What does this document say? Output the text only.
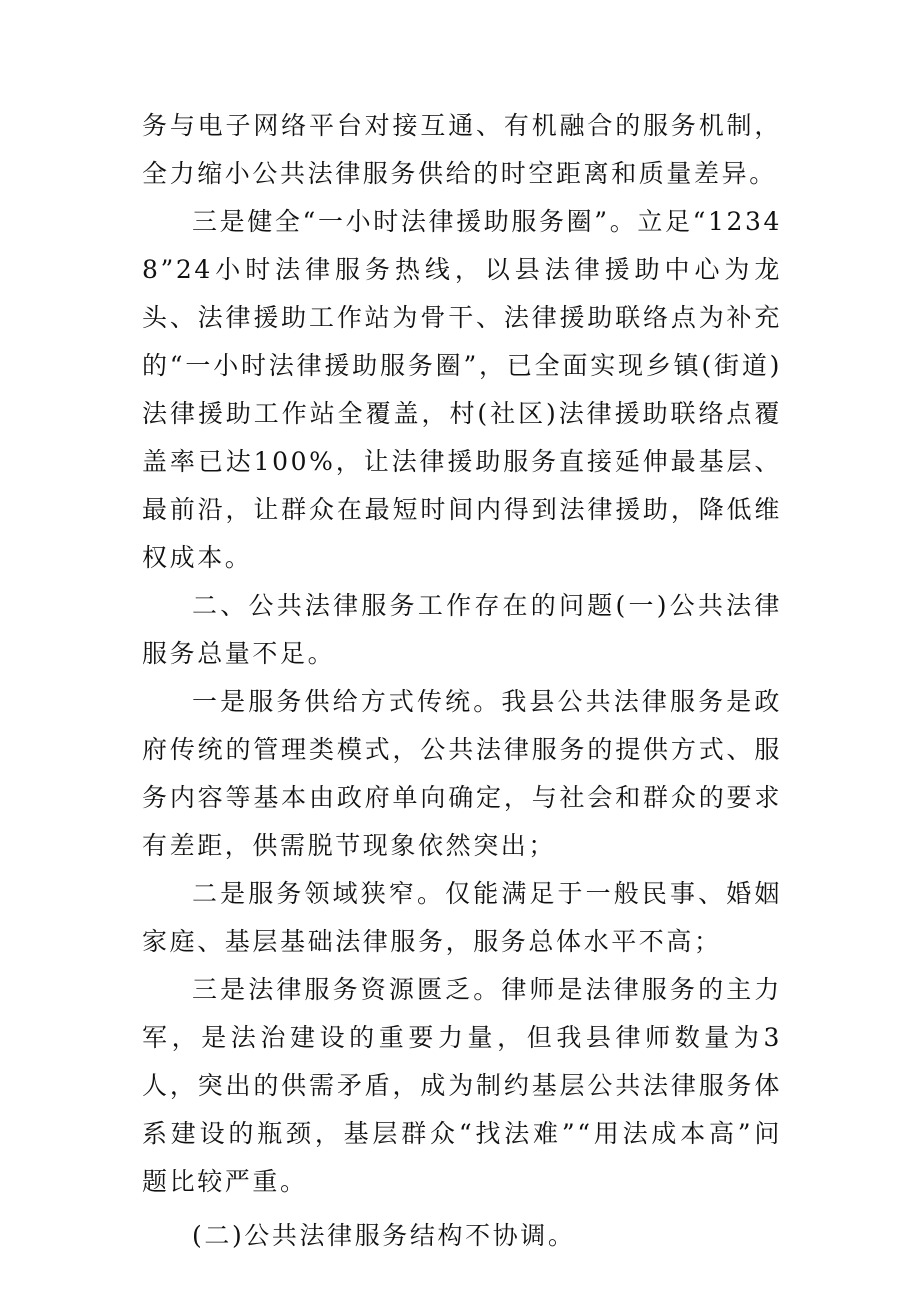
务与电子网络平台对接互通、有机融合的服务机制，全力缩小公共法律服务供给的时空距离和质量差异。

三是健全“一小时法律援助服务圈”。立足“12348”24小时法律服务热线，以县法律援助中心为龙头、法律援助工作站为骨干、法律援助联络点为补充的“一小时法律援助服务圈”，已全面实现乡镇(街道)法律援助工作站全覆盖，村(社区)法律援助联络点覆盖率已达100%，让法律援助服务直接延伸最基层、最前沿，让群众在最短时间内得到法律援助，降低维权成本。

二、公共法律服务工作存在的问题(一)公共法律服务总量不足。

一是服务供给方式传统。我县公共法律服务是政府传统的管理类模式，公共法律服务的提供方式、服务内容等基本由政府单向确定，与社会和群众的要求有差距，供需脱节现象依然突出；

二是服务领域狭窄。仅能满足于一般民事、婚姻家庭、基层基础法律服务，服务总体水平不高；

三是法律服务资源匮乏。律师是法律服务的主力军，是法治建设的重要力量，但我县律师数量为3人，突出的供需矛盾，成为制约基层公共法律服务体系建设的瓶颈，基层群众“找法难”“用法成本高”问题比较严重。

(二)公共法律服务结构不协调。
